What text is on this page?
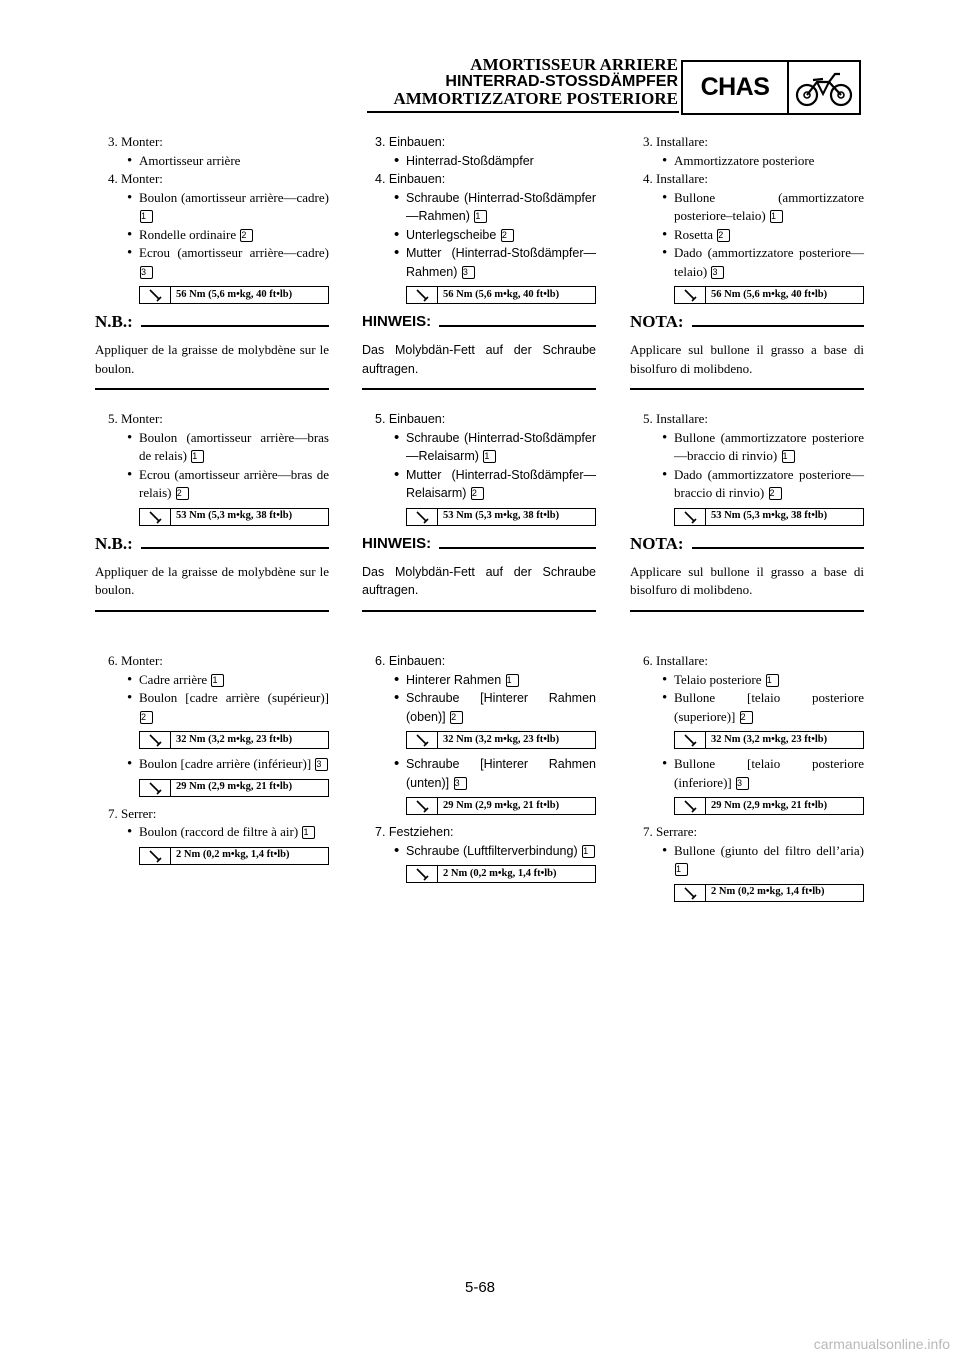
AMORTISSEUR ARRIERE
HINTERRAD-STOSSDÄMPFER
AMMORTIZZATORE POSTERIORE CHAS
3. Monter:
• Amortisseur arrière
4. Monter:
• Boulon (amortisseur arrière—cadre) 1
• Rondelle ordinaire 2
• Ecrou (amortisseur arrière—cadre) 3
56 Nm (5,6 m•kg, 40 ft•lb)
N.B.:
Appliquer de la graisse de molybdène sur le boulon.
5. Monter:
• Boulon (amortisseur arrière—bras de relais) 1
• Ecrou (amortisseur arrière—bras de relais) 2
53 Nm (5,3 m•kg, 38 ft•lb)
N.B.:
Appliquer de la graisse de molybdène sur le boulon.
6. Monter:
• Cadre arrière 1
• Boulon [cadre arrière (supérieur)] 2
32 Nm (3,2 m•kg, 23 ft•lb)
• Boulon [cadre arrière (inférieur)] 3
29 Nm (2,9 m•kg, 21 ft•lb)
7. Serrer:
• Boulon (raccord de filtre à air) 1
2 Nm (0,2 m•kg, 1,4 ft•lb)
3. Einbauen:
• Hinterrad-Stoßdämpfer
4. Einbauen:
• Schraube (Hinterrad-Stoßdämpfer—Rahmen) 1
• Unterlegscheibe 2
• Mutter (Hinterrad-Stoßdämpfer—Rahmen) 3
56 Nm (5,6 m•kg, 40 ft•lb)
HINWEIS:
Das Molybdän-Fett auf der Schraube auftragen.
5. Einbauen:
• Schraube (Hinterrad-Stoßdämpfer—Relaisarm) 1
• Mutter (Hinterrad-Stoßdämpfer—Relaisarm) 2
53 Nm (5,3 m•kg, 38 ft•lb)
HINWEIS:
Das Molybdän-Fett auf der Schraube auftragen.
6. Einbauen:
• Hinterer Rahmen 1
• Schraube [Hinterer Rahmen (oben)] 2
32 Nm (3,2 m•kg, 23 ft•lb)
• Schraube [Hinterer Rahmen (unten)] 3
29 Nm (2,9 m•kg, 21 ft•lb)
7. Festziehen:
• Schraube (Luftfilterverbindung) 1
2 Nm (0,2 m•kg, 1,4 ft•lb)
3. Installare:
• Ammortizzatore posteriore
4. Installare:
• Bullone (ammortizzatore posteriore–telaio) 1
• Rosetta 2
• Dado (ammortizzatore posteriore—telaio) 3
56 Nm (5,6 m•kg, 40 ft•lb)
NOTA:
Applicare sul bullone il grasso a base di bisolfuro di molibdeno.
5. Installare:
• Bullone (ammortizzatore posteriore—braccio di rinvio) 1
• Dado (ammortizzatore posteriore—braccio di rinvio) 2
53 Nm (5,3 m•kg, 38 ft•lb)
NOTA:
Applicare sul bullone il grasso a base di bisolfuro di molibdeno.
6. Installare:
• Telaio posteriore 1
• Bullone [telaio posteriore (superiore)] 2
32 Nm (3,2 m•kg, 23 ft•lb)
• Bullone [telaio posteriore (inferiore)] 3
29 Nm (2,9 m•kg, 21 ft•lb)
7. Serrare:
• Bullone (giunto del filtro dell’aria) 1
2 Nm (0,2 m•kg, 1,4 ft•lb)
5-68
carmanualsonline.info
